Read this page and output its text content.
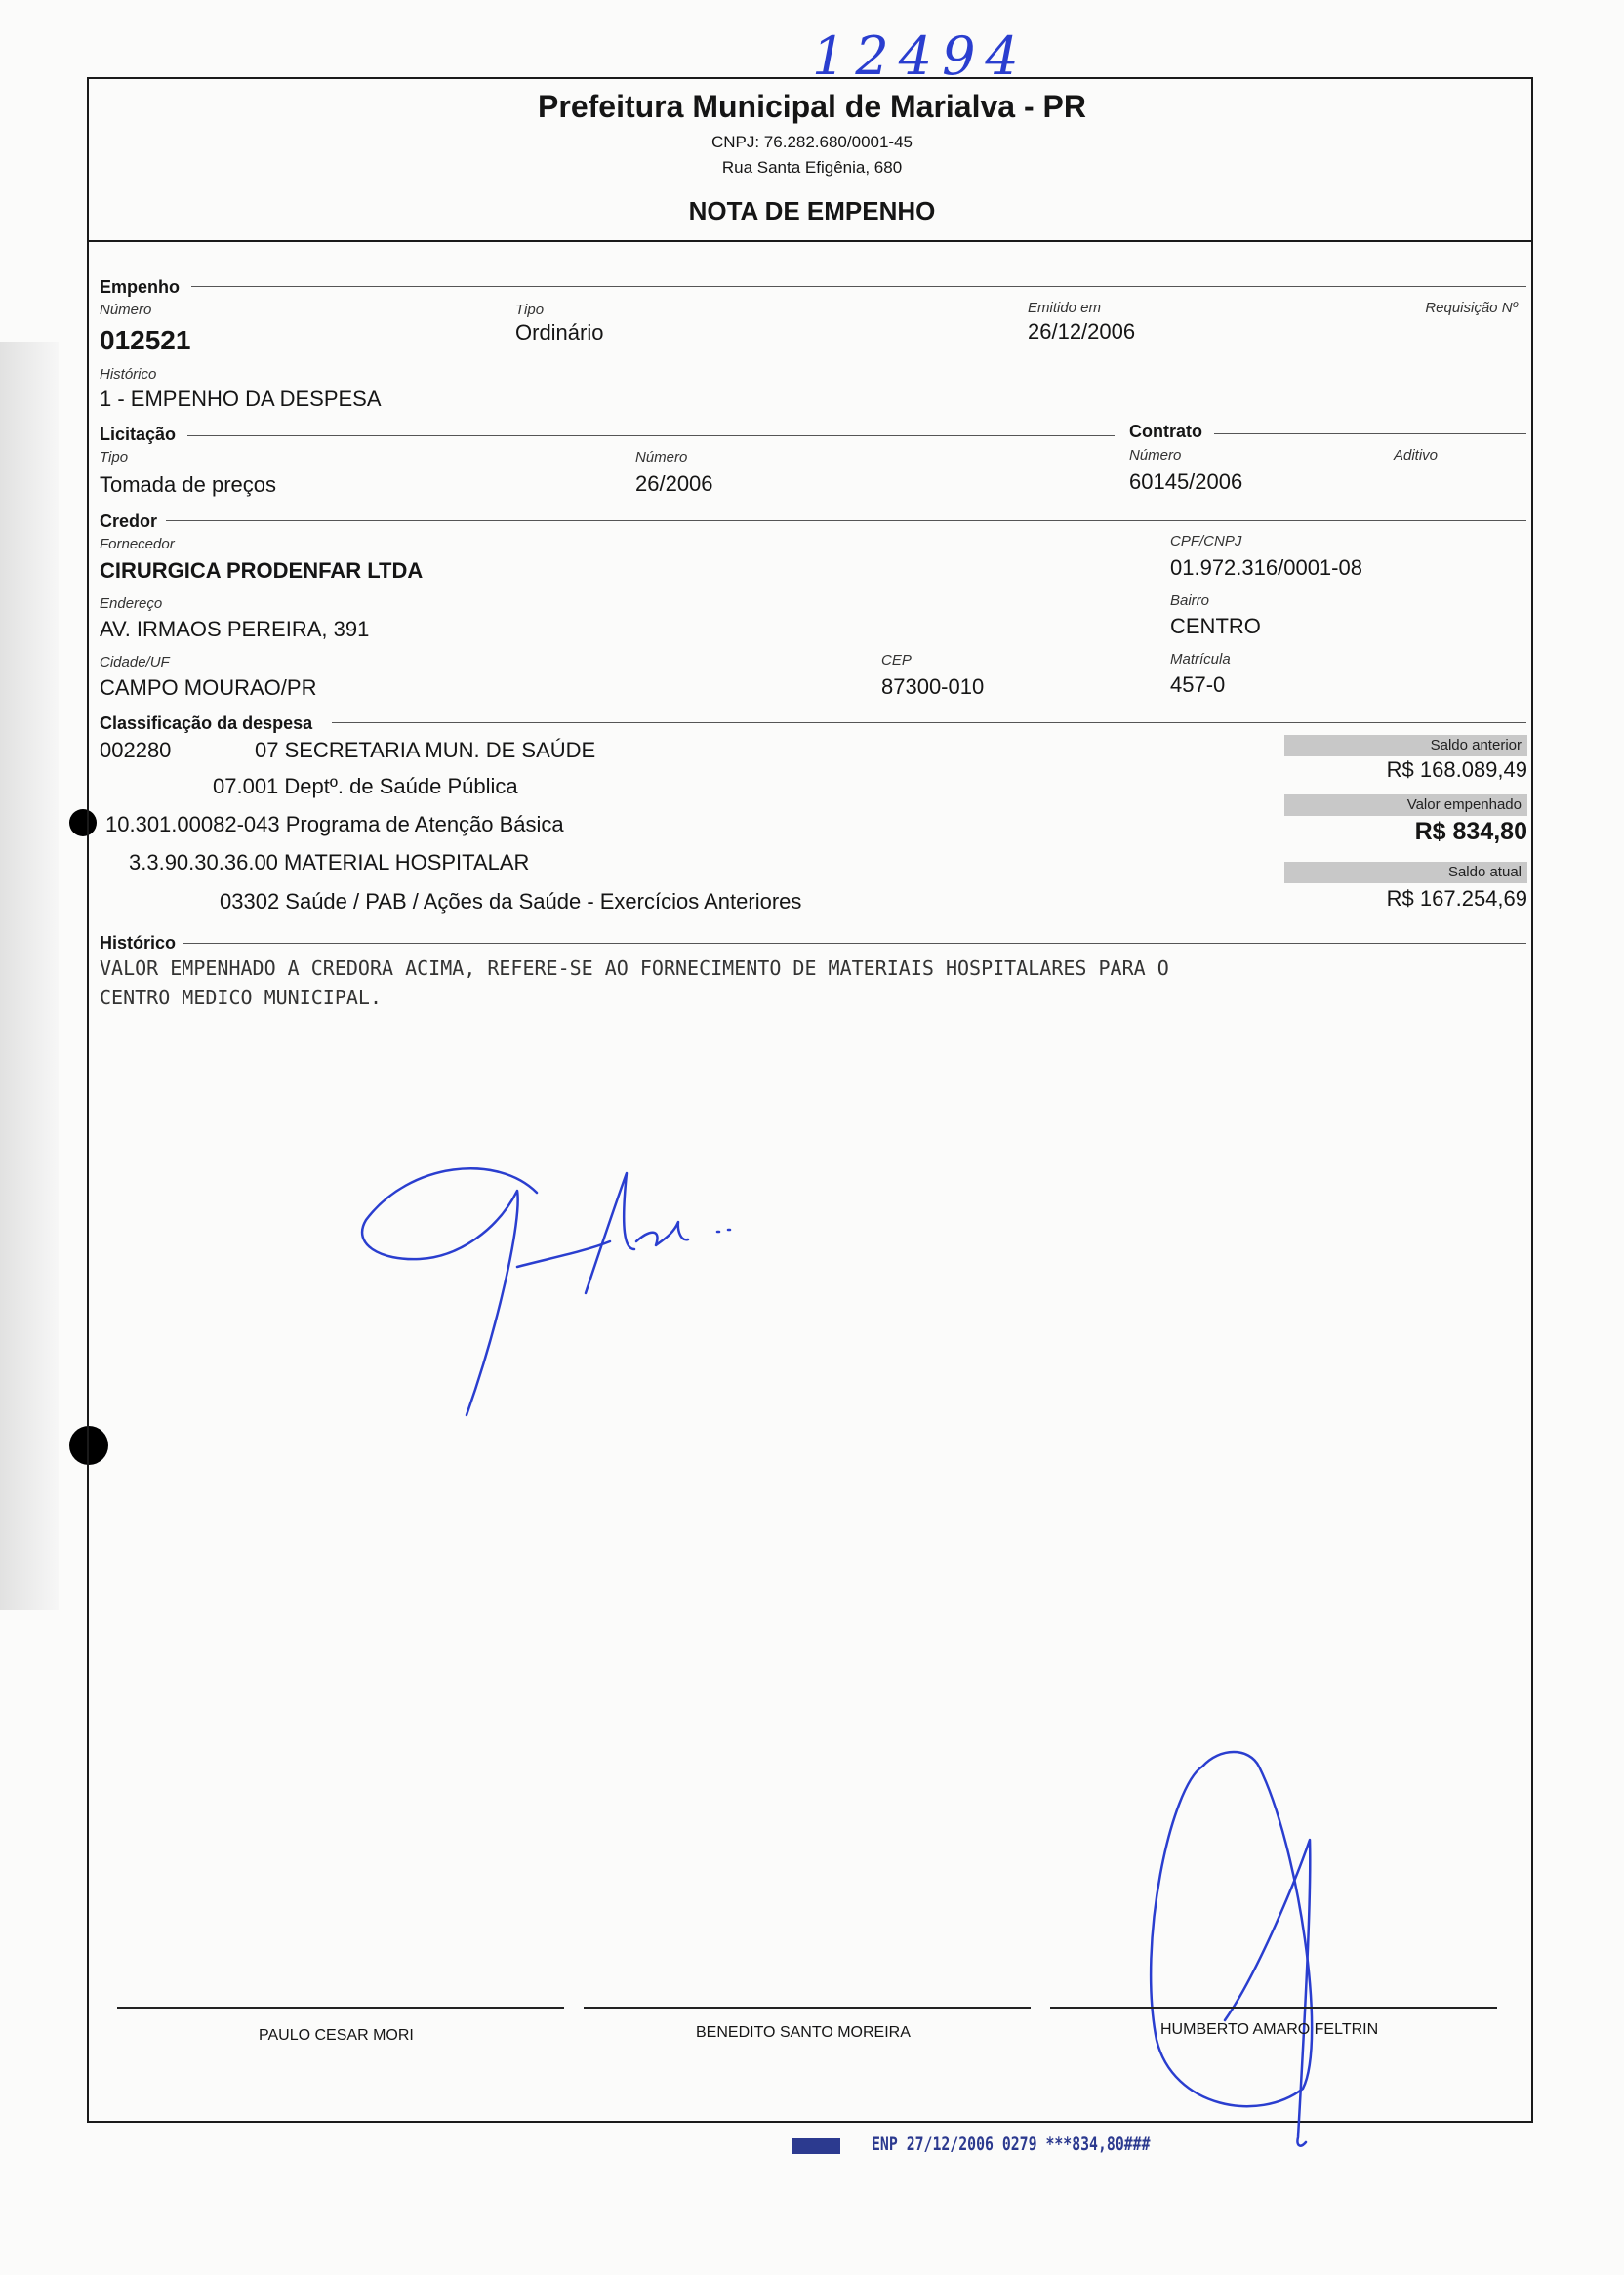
12494
Prefeitura Municipal de Marialva - PR
CNPJ: 76.282.680/0001-45
Rua Santa Efigênia, 680
NOTA DE EMPENHO
Empenho
Número
012521
Tipo
Ordinário
Emitido em
26/12/2006
Requisição Nº
Histórico
1 - EMPENHO DA DESPESA
Licitação	Contrato
Tipo
Tomada de preços
Número
26/2006
Número
60145/2006
Aditivo
Credor
Fornecedor
CIRURGICA PRODENFAR LTDA
CPF/CNPJ
01.972.316/0001-08
Endereço
AV. IRMAOS PEREIRA, 391
Bairro
CENTRO
Cidade/UF
CAMPO MOURAO/PR
CEP
87300-010
Matrícula
457-0
Classificação da despesa
002280	07 SECRETARIA MUN. DE SAÚDE
07.001 Deptº. de Saúde Pública
10.301.00082-043 Programa de Atenção Básica
3.3.90.30.36.00 MATERIAL HOSPITALAR
03302 Saúde / PAB / Ações da Saúde - Exercícios Anteriores
Saldo anterior
R$ 168.089,49
Valor empenhado
R$ 834,80
Saldo atual
R$ 167.254,69
Histórico
VALOR EMPENHADO A CREDORA ACIMA, REFERE-SE AO FORNECIMENTO DE MATERIAIS HOSPITALARES PARA O
CENTRO MEDICO MUNICIPAL.
PAULO CESAR MORI	BENEDITO SANTO MOREIRA	HUMBERTO AMARO FELTRIN
ENP 27/12/2006 0279 ***834,80###
